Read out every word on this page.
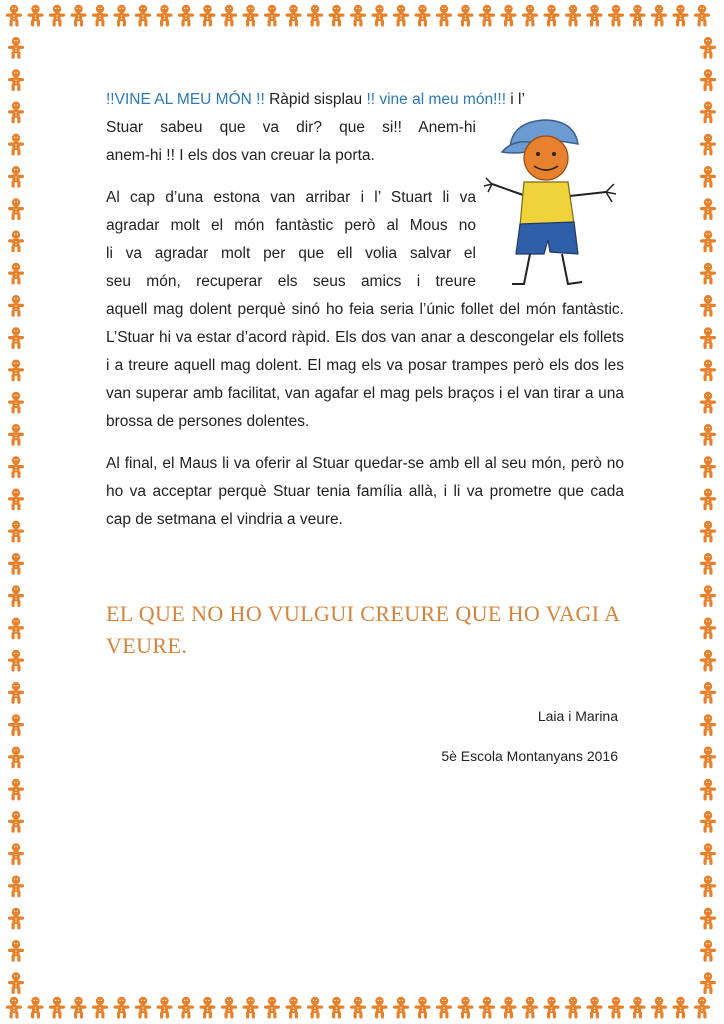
!!VINE AL MEU MÓN !! Ràpid sisplau !! vine al meu món!!! i l’
Stuar sabeu que va dir? que si!! Anem-hi
anem-hi !! I els dos van creuar la porta.

Al cap d’una estona van arribar i l’ Stuart li va
agradar molt el món fantàstic però al Mous no
li va agradar molt per que ell volia salvar el
seu món, recuperar els seus amics i treure
aquell mag dolent perquè sinó ho feia seria l’únic follet del món fantàstic. L’Stuar hi va estar d’acord ràpid. Els dos van anar a descongelar els follets i a treure aquell mag dolent. El mag els va posar trampes però els dos les van superar amb facilitat, van agafar el mag pels braços i el van tirar a una brossa de persones dolentes.

Al final, el Maus li va oferir al Stuar quedar-se amb ell al seu món, però no ho va acceptar perquè Stuar tenia família allà, i li va prometre que cada cap de setmana el vindria a veure.

EL QUE NO HO VULGUI CREURE QUE HO VAGI A VEURE.
Laia i Marina
5è Escola Montanyans 2016
